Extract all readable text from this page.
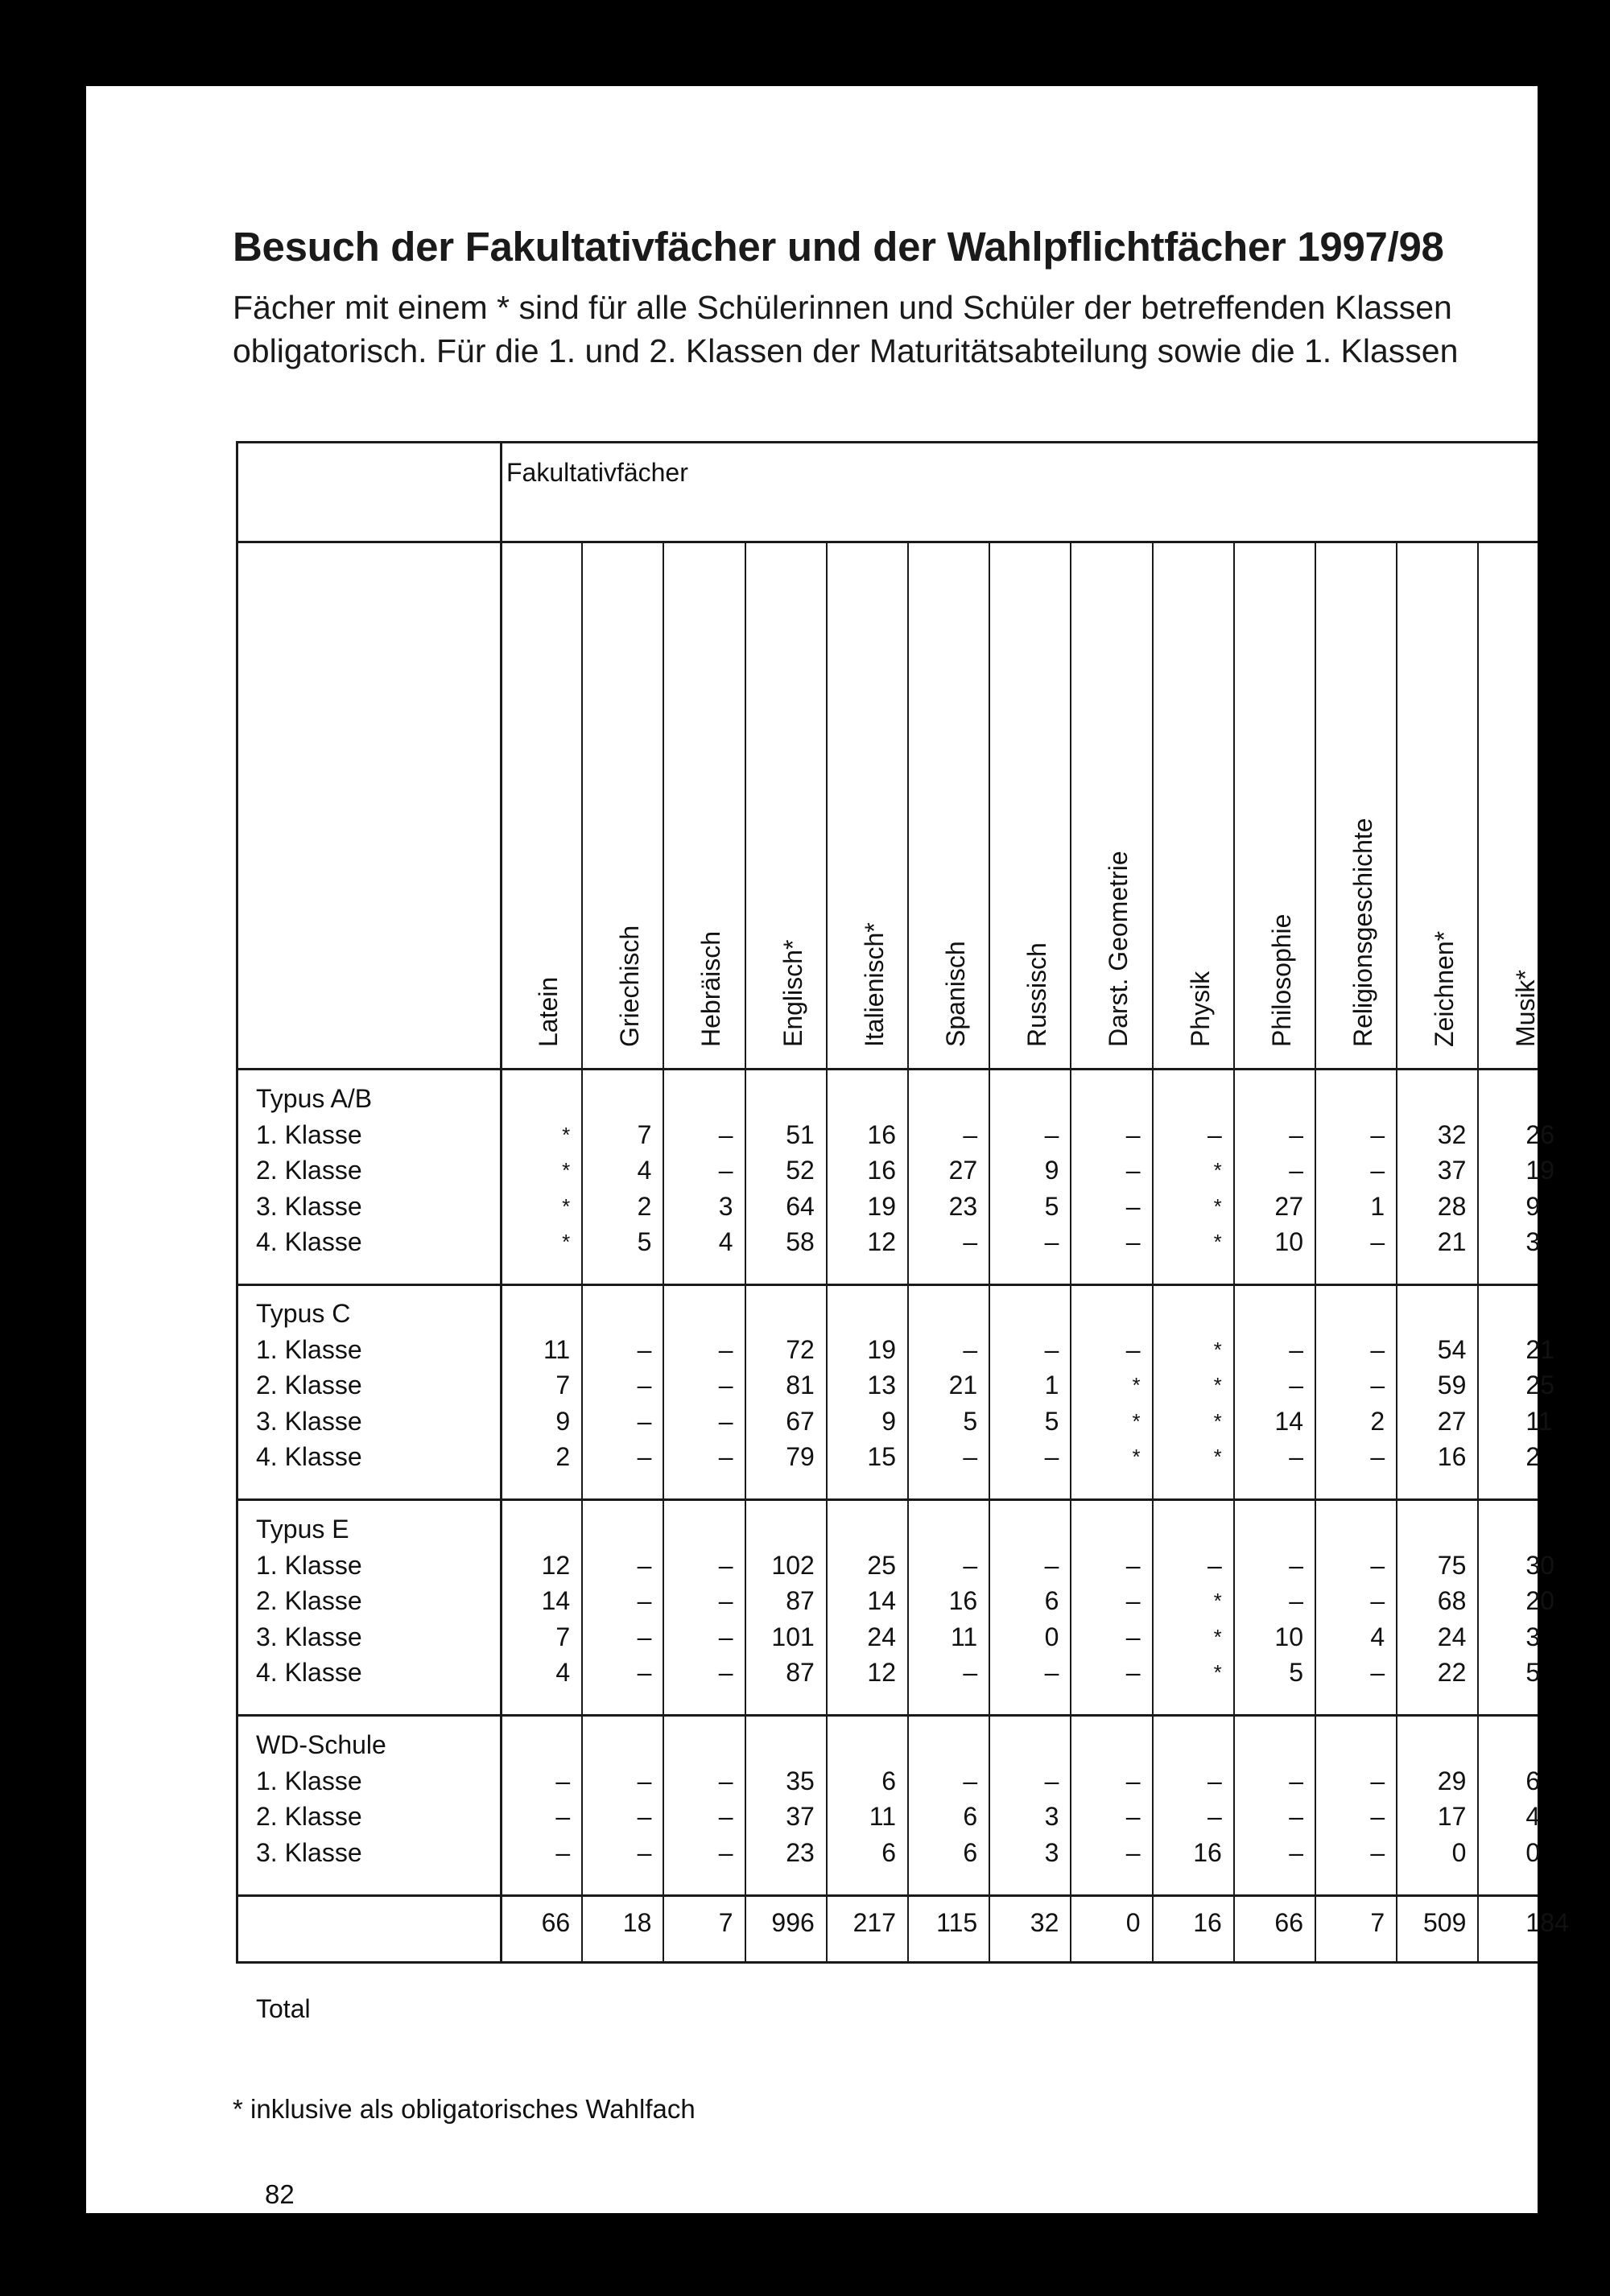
Besuch der Fakultativfächer und der Wahlpflichtfächer 1997/98

Fächer mit einem * sind für alle Schülerinnen und Schüler der betreffenden Klassen

obligatorisch. Für die 1. und 2. Klassen der Maturitätsabteilung sowie die 1. Klassen

* inklusive als obligatorisches Wahlfach
82
Fakultativfächer
Latein Griechisch Hebräisch Englisch* Italienisch* Spanisch Russisch Darst. Geometrie Physik Philosophie Religionsgeschichte Zeichnen* Musik*
Typus A/B
1. Klasse	*	7	–	51	16	–	–	–	–	–	–	32	26
2. Klasse	*	4	–	52	16	27	9	–	*	–	–	37	19
3. Klasse	*	2	3	64	19	23	5	–	*	27	1	28	9
4. Klasse	*	5	4	58	12	–	–	–	*	10	–	21	3
Typus C
1. Klasse	11	–	–	72	19	–	–	–	*	–	–	54	21
2. Klasse	7	–	–	81	13	21	1	*	*	–	–	59	25
3. Klasse	9	–	–	67	9	5	5	*	*	14	2	27	11
4. Klasse	2	–	–	79	15	–	–	*	*	–	–	16	2
Typus E
1. Klasse	12	–	–	102	25	–	–	–	–	–	–	75	30
2. Klasse	14	–	–	87	14	16	6	–	*	–	–	68	20
3. Klasse	7	–	–	101	24	11	0	–	*	10	4	24	3
4. Klasse	4	–	–	87	12	–	–	–	*	5	–	22	5
WD-Schule
1. Klasse	–	–	–	35	6	–	–	–	–	–	–	29	6
2. Klasse	–	–	–	37	11	6	3	–	–	–	–	17	4
3. Klasse	–	–	–	23	6	6	3	–	16	–	–	0	0
Total
66	18	7	996	217	115	32	0	16	66	7	509	184
